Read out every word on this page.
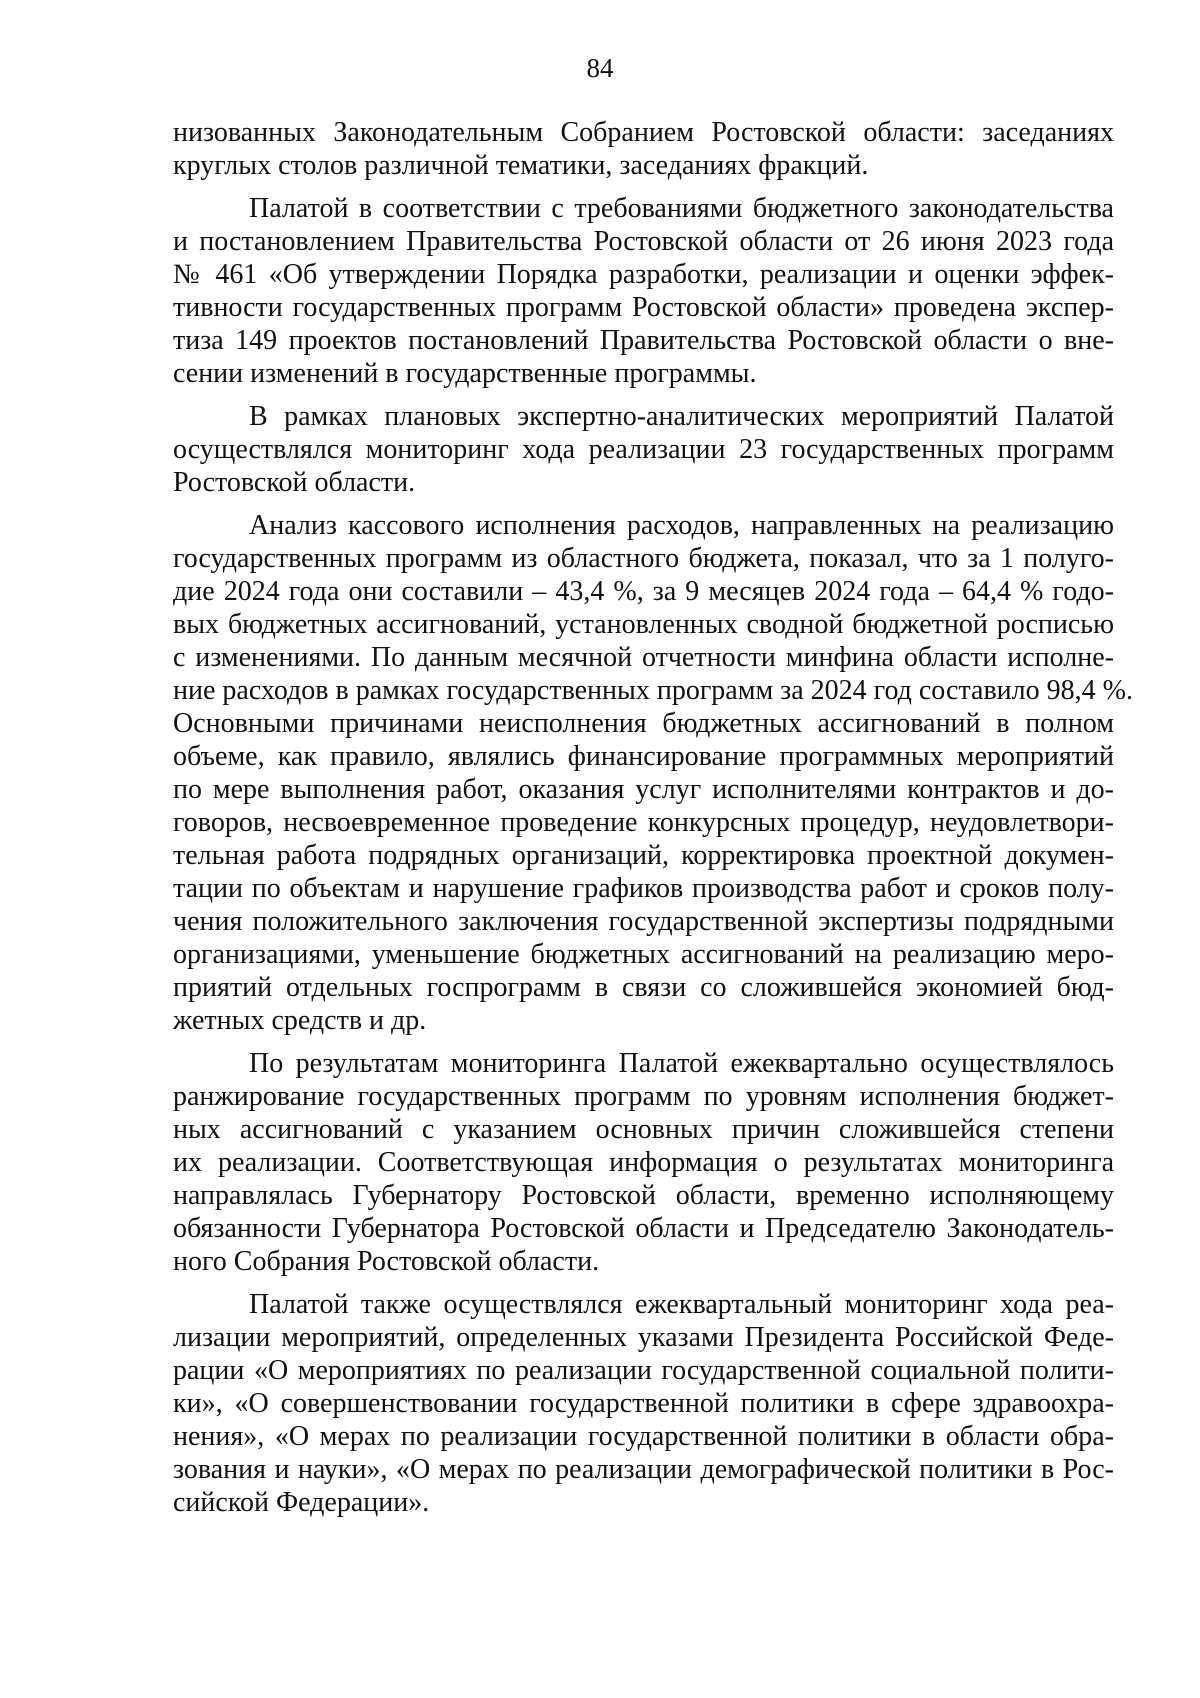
84

низованных Законодательным Собранием Ростовской области: заседаниях
круглых столов различной тематики, заседаниях фракций.

Палатой в соответствии с требованиями бюджетного законодательства
и постановлением Правительства Ростовской области от 26 июня 2023 года
№ 461 «Об утверждении Порядка разработки, реализации и оценки эффек-
тивности государственных программ Ростовской области» проведена экспер-
тиза 149 проектов постановлений Правительства Ростовской области о вне-
сении изменений в государственные программы.

В рамках плановых экспертно-аналитических мероприятий Палатой
осуществлялся мониторинг хода реализации 23 государственных программ
Ростовской области.

Анализ кассового исполнения расходов, направленных на реализацию
государственных программ из областного бюджета, показал, что за 1 полуго-
дие 2024 года они составили – 43,4 %, за 9 месяцев 2024 года – 64,4 % годо-
вых бюджетных ассигнований, установленных сводной бюджетной росписью
с изменениями. По данным месячной отчетности минфина области исполне-
ние расходов в рамках государственных программ за 2024 год составило 98,4 %.
Основными причинами неисполнения бюджетных ассигнований в полном
объеме, как правило, являлись финансирование программных мероприятий
по мере выполнения работ, оказания услуг исполнителями контрактов и до-
говоров, несвоевременное проведение конкурсных процедур, неудовлетвори-
тельная работа подрядных организаций, корректировка проектной докумен-
тации по объектам и нарушение графиков производства работ и сроков полу-
чения положительного заключения государственной экспертизы подрядными
организациями, уменьшение бюджетных ассигнований на реализацию меро-
приятий отдельных госпрограмм в связи со сложившейся экономией бюд-
жетных средств и др.

По результатам мониторинга Палатой ежеквартально осуществлялось
ранжирование государственных программ по уровням исполнения бюджет-
ных ассигнований с указанием основных причин сложившейся степени
их реализации. Соответствующая информация о результатах мониторинга
направлялась Губернатору Ростовской области, временно исполняющему
обязанности Губернатора Ростовской области и Председателю Законодатель-
ного Собрания Ростовской области.

Палатой также осуществлялся ежеквартальный мониторинг хода реа-
лизации мероприятий, определенных указами Президента Российской Феде-
рации «О мероприятиях по реализации государственной социальной полити-
ки», «О совершенствовании государственной политики в сфере здравоохра-
нения», «О мерах по реализации государственной политики в области обра-
зования и науки», «О мерах по реализации демографической политики в Рос-
сийской Федерации».
